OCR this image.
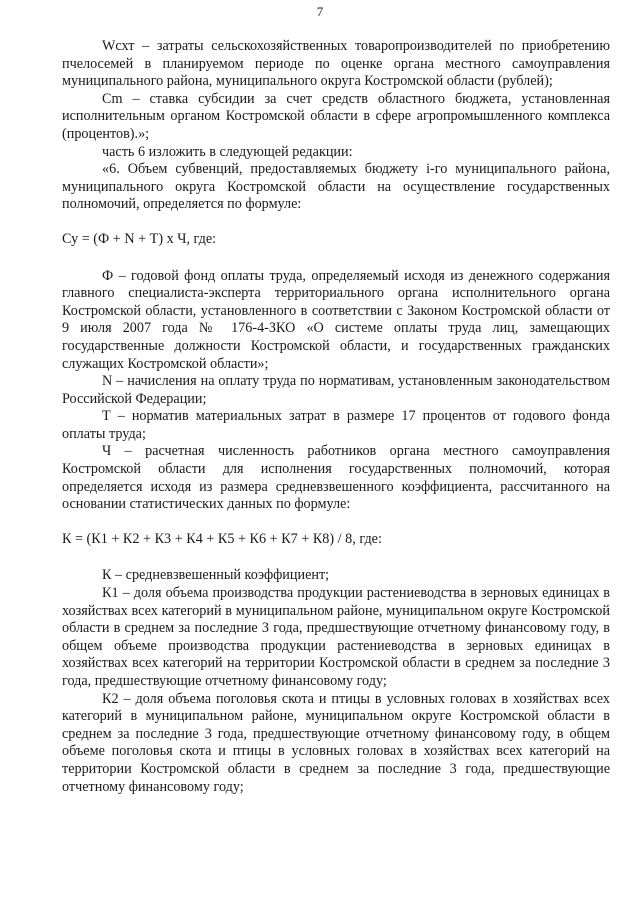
7

Wсхт – затраты сельскохозяйственных товаропроизводителей по приобретению пчелосемей в планируемом периоде по оценке органа местного самоуправления муниципального района, муниципального округа Костромской области (рублей);

Cm – ставка субсидии за счет средств областного бюджета, установленная исполнительным органом Костромской области в сфере агропромышленного комплекса (процентов).»;

часть 6 изложить в следующей редакции:

«6. Объем субвенций, предоставляемых бюджету i-го муниципального района, муниципального округа Костромской области на осуществление государственных полномочий, определяется по формуле:

Су = (Ф + N + Т) х Ч, где:

Ф – годовой фонд оплаты труда, определяемый исходя из денежного содержания главного специалиста-эксперта территориального органа исполнительного органа Костромской области, установленного в соответствии с Законом Костромской области от 9 июля 2007 года № 176-4-ЗКО «О системе оплаты труда лиц, замещающих государственные должности Костромской области, и государственных гражданских служащих Костромской области»;

N – начисления на оплату труда по нормативам, установленным законодательством Российской Федерации;

Т – норматив материальных затрат в размере 17 процентов от годового фонда оплаты труда;

Ч – расчетная численность работников органа местного самоуправления Костромской области для исполнения государственных полномочий, которая определяется исходя из размера средневзвешенного коэффициента, рассчитанного на основании статистических данных по формуле:

К = (К1 + К2 + К3 + К4 + К5 + К6 + К7 + К8) / 8, где:

К – средневзвешенный коэффициент;

К1 – доля объема производства продукции растениеводства в зерновых единицах в хозяйствах всех категорий в муниципальном районе, муниципальном округе Костромской области в среднем за последние 3 года, предшествующие отчетному финансовому году, в общем объеме производства продукции растениеводства в зерновых единицах в хозяйствах всех категорий на территории Костромской области в среднем за последние 3 года, предшествующие отчетному финансовому году;

К2 – доля объема поголовья скота и птицы в условных головах в хозяйствах всех категорий в муниципальном районе, муниципальном округе Костромской области в среднем за последние 3 года, предшествующие отчетному финансовому году, в общем объеме поголовья скота и птицы в условных головах в хозяйствах всех категорий на территории Костромской области в среднем за последние 3 года, предшествующие отчетному финансовому году;
